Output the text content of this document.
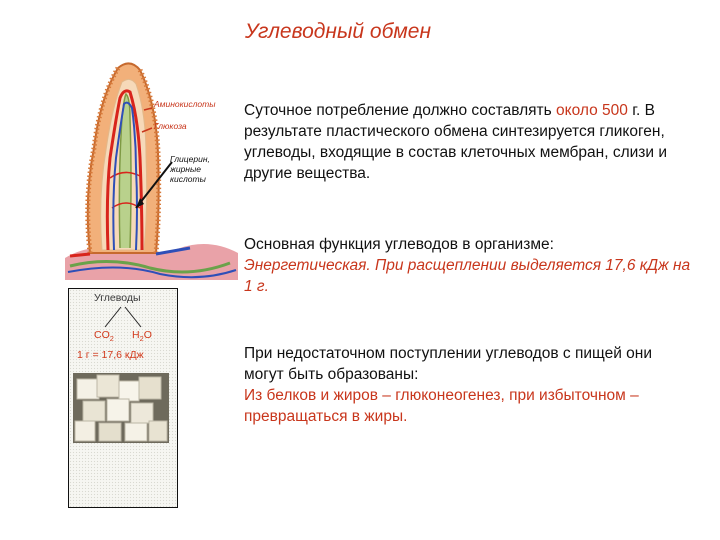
Углеводный обмен
Аминокислоты
Глюкоза
Глицерин,
жирные
кислоты
Углеводы
$CO_2$ $H_2O$
1 г = 17,6 кДж
Суточное потребление должно составлять около 500 г. В результате пластического обмена синтезируется гликоген, углеводы, входящие в состав клеточных мембран, слизи и другие вещества.
Основная функция углеводов в организме:
Энергетическая. При расщеплении выделяется 17,6 кДж на 1 г.
При недостаточном поступлении углеводов с пищей они могут быть образованы:
Из белков и жиров – глюконеогенез, при избыточном – превращаться в жиры.
